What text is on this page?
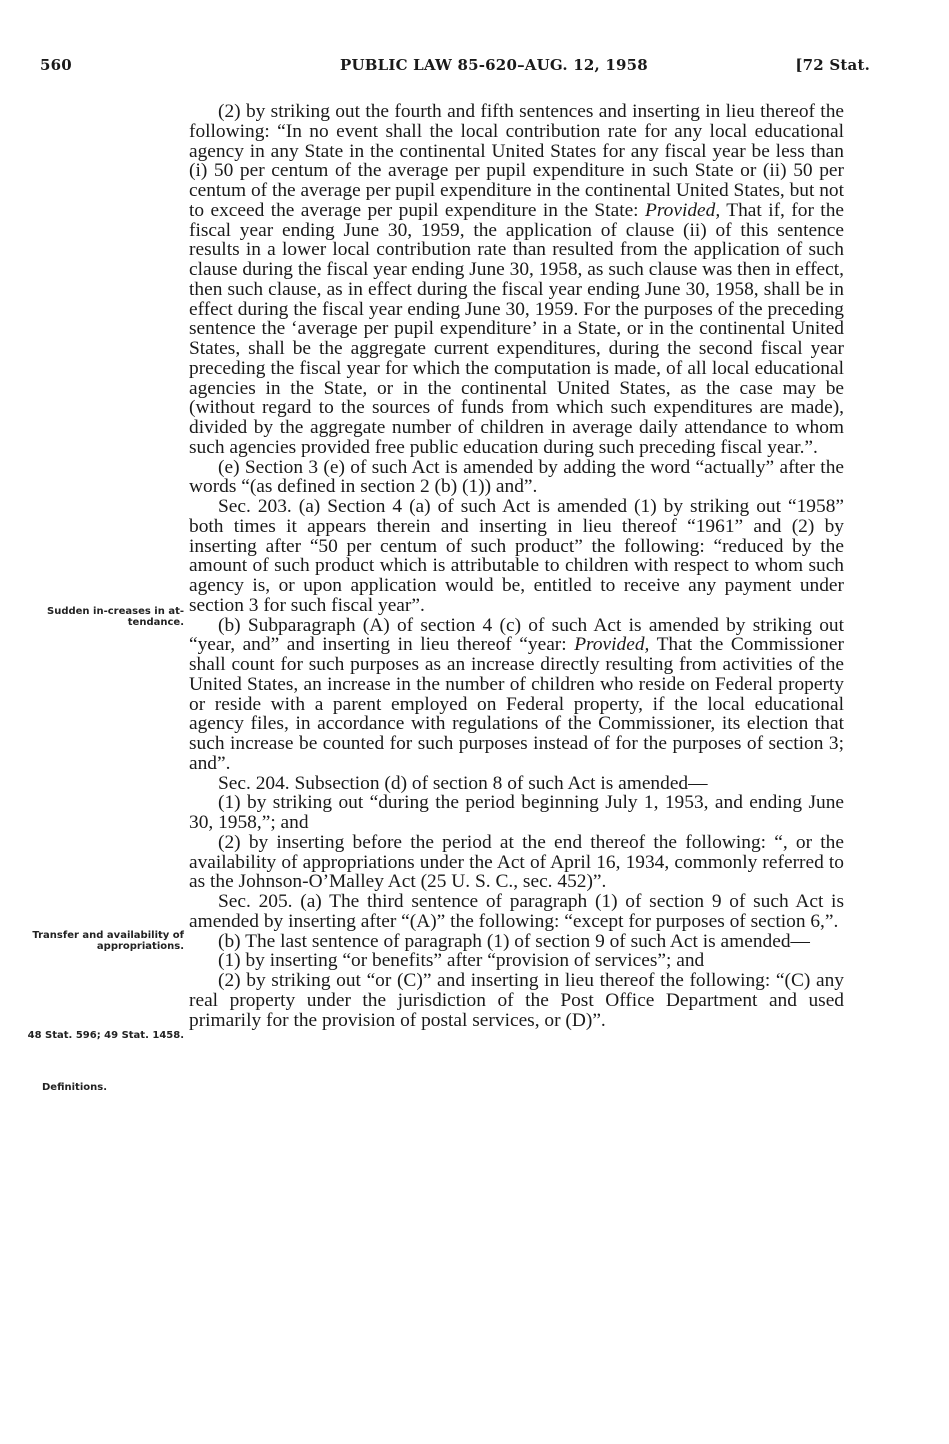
560	PUBLIC LAW 85-620–AUG. 12, 1958	[72 Stat.
Sudden in-creases in at-tendance.
Transfer and availability of appropriations.
48 Stat. 596; 49 Stat. 1458.
Definitions.

(2) by striking out the fourth and fifth sentences and inserting in lieu thereof the following: “In no event shall the local contribution rate for any local educational agency in any State in the continental United States for any fiscal year be less than (i) 50 per centum of the average per pupil expenditure in such State or (ii) 50 per centum of the average per pupil expenditure in the continental United States, but not to exceed the average per pupil expenditure in the State: Provided, That if, for the fiscal year ending June 30, 1959, the application of clause (ii) of this sentence results in a lower local contribution rate than resulted from the application of such clause during the fiscal year ending June 30, 1958, as such clause was then in effect, then such clause, as in effect during the fiscal year ending June 30, 1958, shall be in effect during the fiscal year ending June 30, 1959. For the purposes of the preceding sentence the ‘average per pupil expenditure’ in a State, or in the continental United States, shall be the aggregate current expenditures, during the second fiscal year preceding the fiscal year for which the computation is made, of all local educational agencies in the State, or in the continental United States, as the case may be (without regard to the sources of funds from which such expenditures are made), divided by the aggregate number of children in average daily attendance to whom such agencies provided free public education during such preceding fiscal year.”.

(e) Section 3 (e) of such Act is amended by adding the word “actually” after the words “(as defined in section 2 (b) (1)) and”.

Sec. 203. (a) Section 4 (a) of such Act is amended (1) by striking out “1958” both times it appears therein and inserting in lieu thereof “1961” and (2) by inserting after “50 per centum of such product” the following: “reduced by the amount of such product which is attributable to children with respect to whom such agency is, or upon application would be, entitled to receive any payment under section 3 for such fiscal year”.

(b) Subparagraph (A) of section 4 (c) of such Act is amended by striking out “year, and” and inserting in lieu thereof “year: Provided, That the Commissioner shall count for such purposes as an increase directly resulting from activities of the United States, an increase in the number of children who reside on Federal property or reside with a parent employed on Federal property, if the local educational agency files, in accordance with regulations of the Commissioner, its election that such increase be counted for such purposes instead of for the purposes of section 3; and”.

Sec. 204. Subsection (d) of section 8 of such Act is amended—

(1) by striking out “during the period beginning July 1, 1953, and ending June 30, 1958,”; and

(2) by inserting before the period at the end thereof the following: “, or the availability of appropriations under the Act of April 16, 1934, commonly referred to as the Johnson-O’Malley Act (25 U. S. C., sec. 452)”.

Sec. 205. (a) The third sentence of paragraph (1) of section 9 of such Act is amended by inserting after “(A)” the following: “except for purposes of section 6,”.

(b) The last sentence of paragraph (1) of section 9 of such Act is amended—

(1) by inserting “or benefits” after “provision of services”; and

(2) by striking out “or (C)” and inserting in lieu thereof the following: “(C) any real property under the jurisdiction of the Post Office Department and used primarily for the provision of postal services, or (D)”.
